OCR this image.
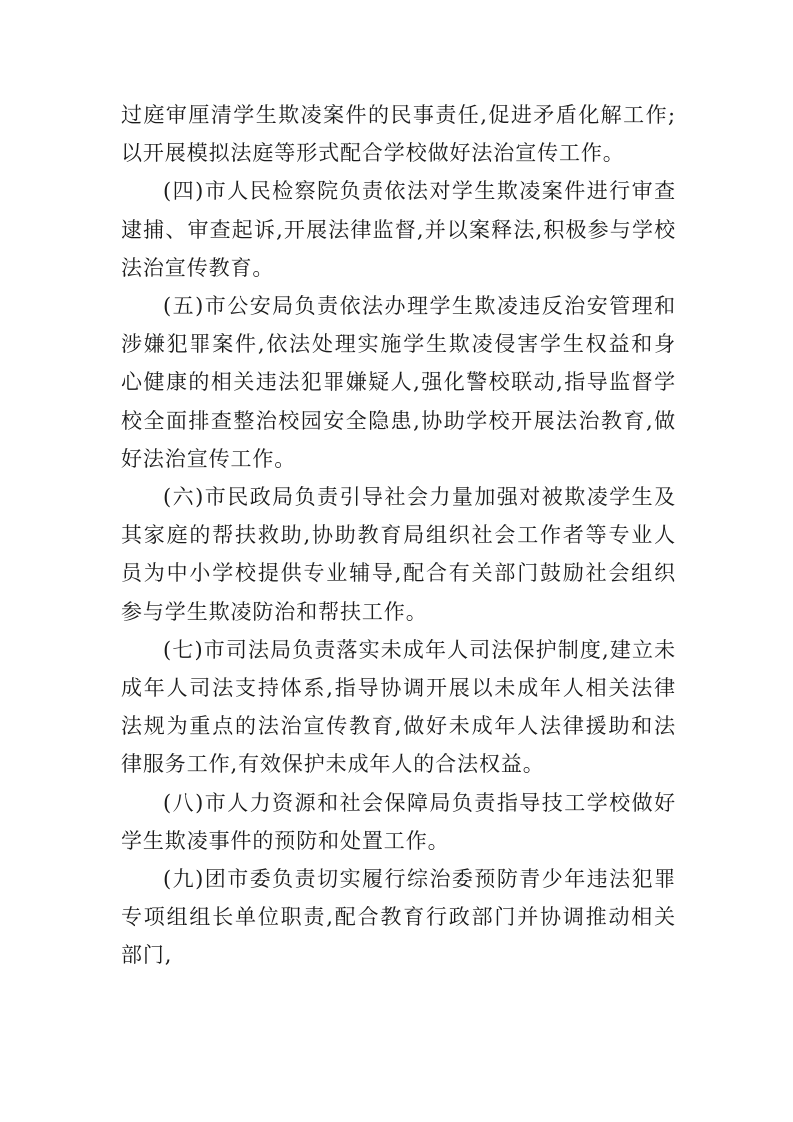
过庭审厘清学生欺凌案件的民事责任,促进矛盾化解工作;以开展模拟法庭等形式配合学校做好法治宣传工作。

(四)市人民检察院负责依法对学生欺凌案件进行审查逮捕、审查起诉,开展法律监督,并以案释法,积极参与学校法治宣传教育。

(五)市公安局负责依法办理学生欺凌违反治安管理和涉嫌犯罪案件,依法处理实施学生欺凌侵害学生权益和身心健康的相关违法犯罪嫌疑人,强化警校联动,指导监督学校全面排查整治校园安全隐患,协助学校开展法治教育,做好法治宣传工作。

(六)市民政局负责引导社会力量加强对被欺凌学生及其家庭的帮扶救助,协助教育局组织社会工作者等专业人员为中小学校提供专业辅导,配合有关部门鼓励社会组织参与学生欺凌防治和帮扶工作。

(七)市司法局负责落实未成年人司法保护制度,建立未成年人司法支持体系,指导协调开展以未成年人相关法律法规为重点的法治宣传教育,做好未成年人法律援助和法律服务工作,有效保护未成年人的合法权益。

(八)市人力资源和社会保障局负责指导技工学校做好学生欺凌事件的预防和处置工作。

(九)团市委负责切实履行综治委预防青少年违法犯罪专项组组长单位职责,配合教育行政部门并协调推动相关部门,
